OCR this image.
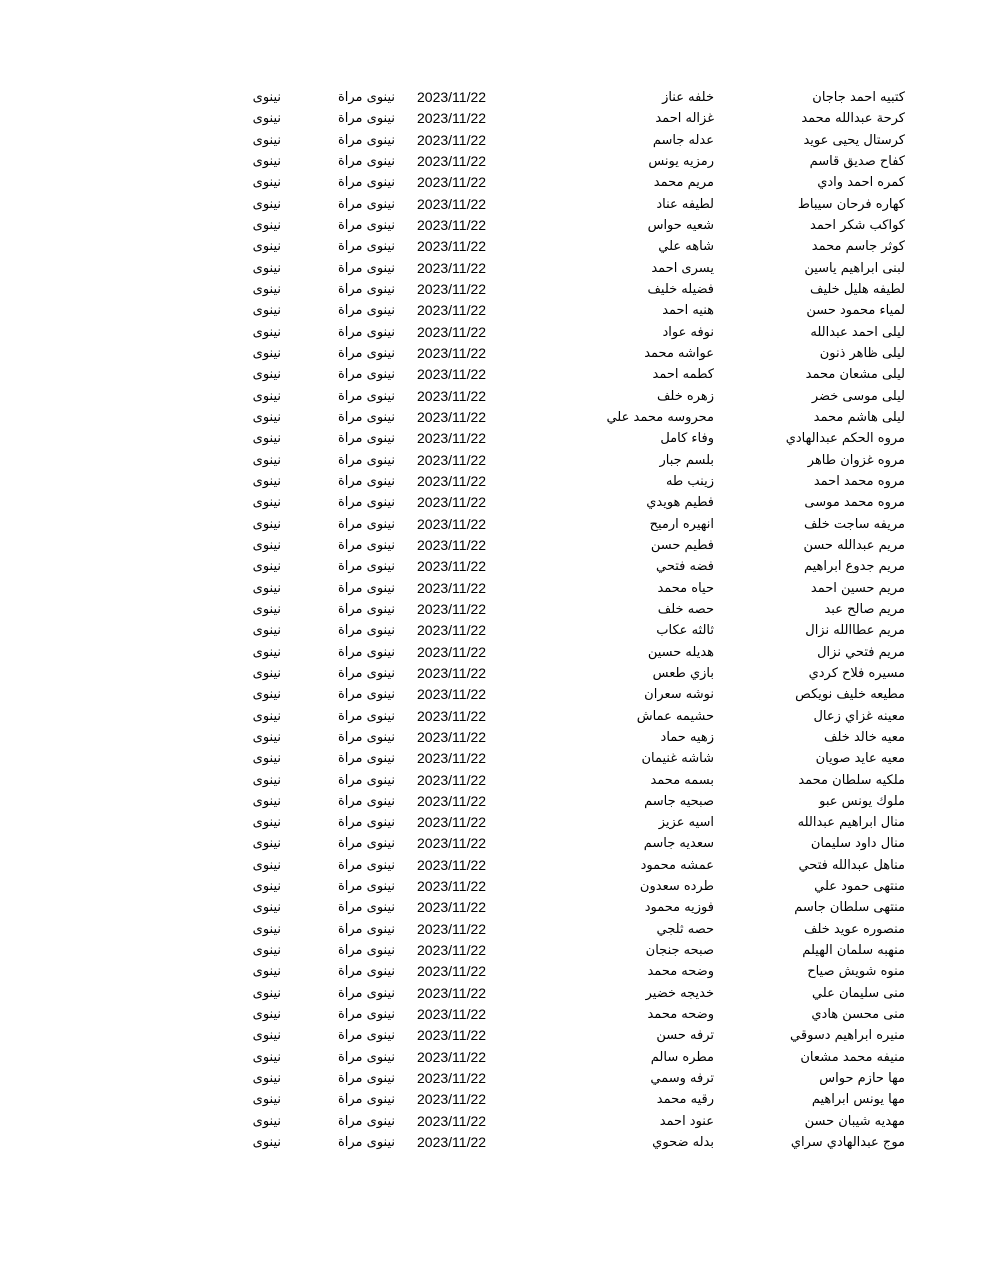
كتبيه احمد جاجان
خلفه عناز
2023/11/22
نينوى مراة
نينوى
كرحة عبدالله محمد
غزاله احمد
2023/11/22
نينوى مراة
نينوى
كرستال يحيى عويد
عدله جاسم
2023/11/22
نينوى مراة
نينوى
كفاح صديق قاسم
رمزيه يونس
2023/11/22
نينوى مراة
نينوى
كمره احمد وادي
مريم محمد
2023/11/22
نينوى مراة
نينوى
كهاره فرحان سيباط
لطيفه عناد
2023/11/22
نينوى مراة
نينوى
كواكب شكر احمد
شعيه حواس
2023/11/22
نينوى مراة
نينوى
كوثر جاسم محمد
شاهه علي
2023/11/22
نينوى مراة
نينوى
لبنى ابراهيم ياسين
يسرى احمد
2023/11/22
نينوى مراة
نينوى
لطيفه هليل خليف
فضيله خليف
2023/11/22
نينوى مراة
نينوى
لمياء محمود حسن
هنيه احمد
2023/11/22
نينوى مراة
نينوى
ليلى احمد عبدالله
نوفه عواد
2023/11/22
نينوى مراة
نينوى
ليلى ظاهر ذنون
عواشه محمد
2023/11/22
نينوى مراة
نينوى
ليلى مشعان محمد
كطمه احمد
2023/11/22
نينوى مراة
نينوى
ليلى موسى خضر
زهره خلف
2023/11/22
نينوى مراة
نينوى
ليلى هاشم محمد
محروسه محمد علي
2023/11/22
نينوى مراة
نينوى
مروه الحكم عبدالهادي
وفاء كامل
2023/11/22
نينوى مراة
نينوى
مروه غزوان طاهر
بلسم جبار
2023/11/22
نينوى مراة
نينوى
مروه محمد احمد
زينب طه
2023/11/22
نينوى مراة
نينوى
مروه محمد موسى
فطيم هويدي
2023/11/22
نينوى مراة
نينوى
مريفه ساجت خلف
انهيره ارميح
2023/11/22
نينوى مراة
نينوى
مريم عبدالله حسن
فطيم حسن
2023/11/22
نينوى مراة
نينوى
مريم جدوع ابراهيم
فضه فتحي
2023/11/22
نينوى مراة
نينوى
مريم حسين احمد
حياه محمد
2023/11/22
نينوى مراة
نينوى
مريم صالح عبد
حصه خلف
2023/11/22
نينوى مراة
نينوى
مريم عطاالله نزال
ثالثه عكاب
2023/11/22
نينوى مراة
نينوى
مريم فتحي نزال
هديله حسين
2023/11/22
نينوى مراة
نينوى
مسيره فلاح كردي
بازي طعس
2023/11/22
نينوى مراة
نينوى
مطيعه خليف نويكص
نوشه سعران
2023/11/22
نينوى مراة
نينوى
معينه غزاي زعال
حشيمه عماش
2023/11/22
نينوى مراة
نينوى
معيه خالد خلف
زهيه حماد
2023/11/22
نينوى مراة
نينوى
معيه عايد صويان
شاشه غنيمان
2023/11/22
نينوى مراة
نينوى
ملكيه سلطان محمد
بسمه محمد
2023/11/22
نينوى مراة
نينوى
ملوك يونس عبو
صبحيه جاسم
2023/11/22
نينوى مراة
نينوى
منال ابراهيم عبدالله
اسيه عزيز
2023/11/22
نينوى مراة
نينوى
منال داود سليمان
سعديه جاسم
2023/11/22
نينوى مراة
نينوى
مناهل عبدالله فتحي
عمشه محمود
2023/11/22
نينوى مراة
نينوى
منتهى حمود علي
طرده سعدون
2023/11/22
نينوى مراة
نينوى
منتهى سلطان جاسم
فوزيه محمود
2023/11/22
نينوى مراة
نينوى
منصوره عويد خلف
حصه ثلجي
2023/11/22
نينوى مراة
نينوى
منهبه سلمان الهيلم
صبحه جنجان
2023/11/22
نينوى مراة
نينوى
منوه شويش صياح
وضحه محمد
2023/11/22
نينوى مراة
نينوى
منى سليمان علي
خديجه خضير
2023/11/22
نينوى مراة
نينوى
منى محسن هادي
وضحه محمد
2023/11/22
نينوى مراة
نينوى
منيره ابراهيم دسوقي
ترفه حسن
2023/11/22
نينوى مراة
نينوى
منيفه محمد مشعان
مطره سالم
2023/11/22
نينوى مراة
نينوى
مها حازم حواس
ترفه وسمي
2023/11/22
نينوى مراة
نينوى
مها يونس ابراهيم
رقيه محمد
2023/11/22
نينوى مراة
نينوى
مهديه شيبان حسن
عنود احمد
2023/11/22
نينوى مراة
نينوى
موج عبدالهادي سراي
بدله ضحوي
2023/11/22
نينوى مراة
نينوى
